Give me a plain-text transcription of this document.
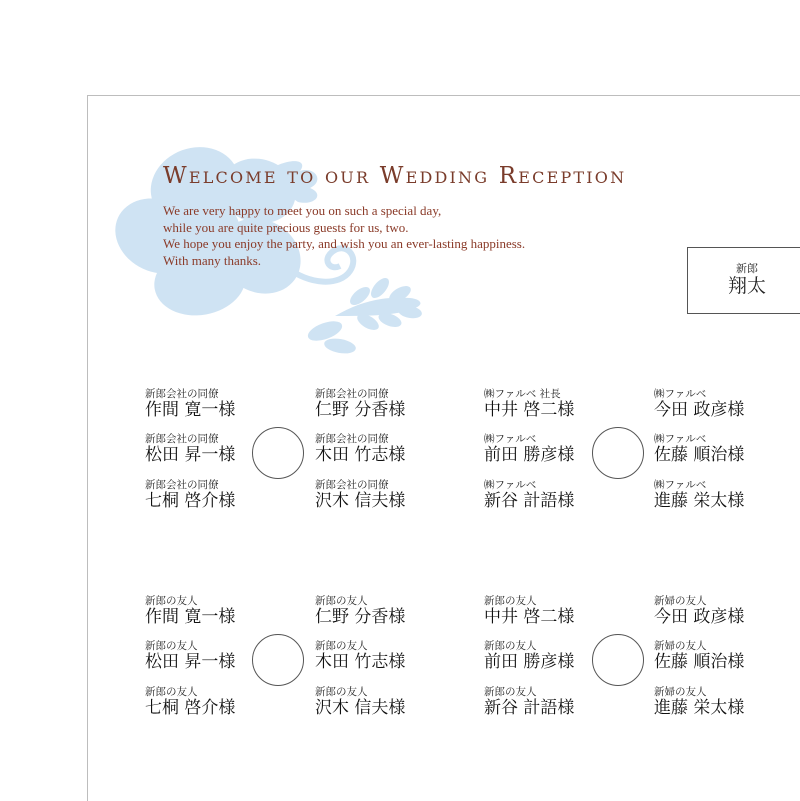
Welcome to our Wedding Reception
We are very happy to meet you on such a special day,
while you are quite precious guests for us, two.
We hope you enjoy the party, and wish you an ever-lasting happiness.
With many thanks.
新郎
翔太
新郎会社の同僚
作間 寛一様
新郎会社の同僚
松田 昇一様
新郎会社の同僚
七桐 啓介様
新郎会社の同僚
仁野 分香様
新郎会社の同僚
木田 竹志様
新郎会社の同僚
沢木 信夫様
㈱ファルベ 社長
中井 啓二様
㈱ファルベ
前田 勝彦様
㈱ファルベ
新谷 計語様
㈱ファルベ
今田 政彦様
㈱ファルベ
佐藤 順治様
㈱ファルベ
進藤 栄太様
新郎の友人
作間 寛一様
新郎の友人
松田 昇一様
新郎の友人
七桐 啓介様
新郎の友人
仁野 分香様
新郎の友人
木田 竹志様
新郎の友人
沢木 信夫様
新郎の友人
中井 啓二様
新郎の友人
前田 勝彦様
新郎の友人
新谷 計語様
新婦の友人
今田 政彦様
新婦の友人
佐藤 順治様
新婦の友人
進藤 栄太様
